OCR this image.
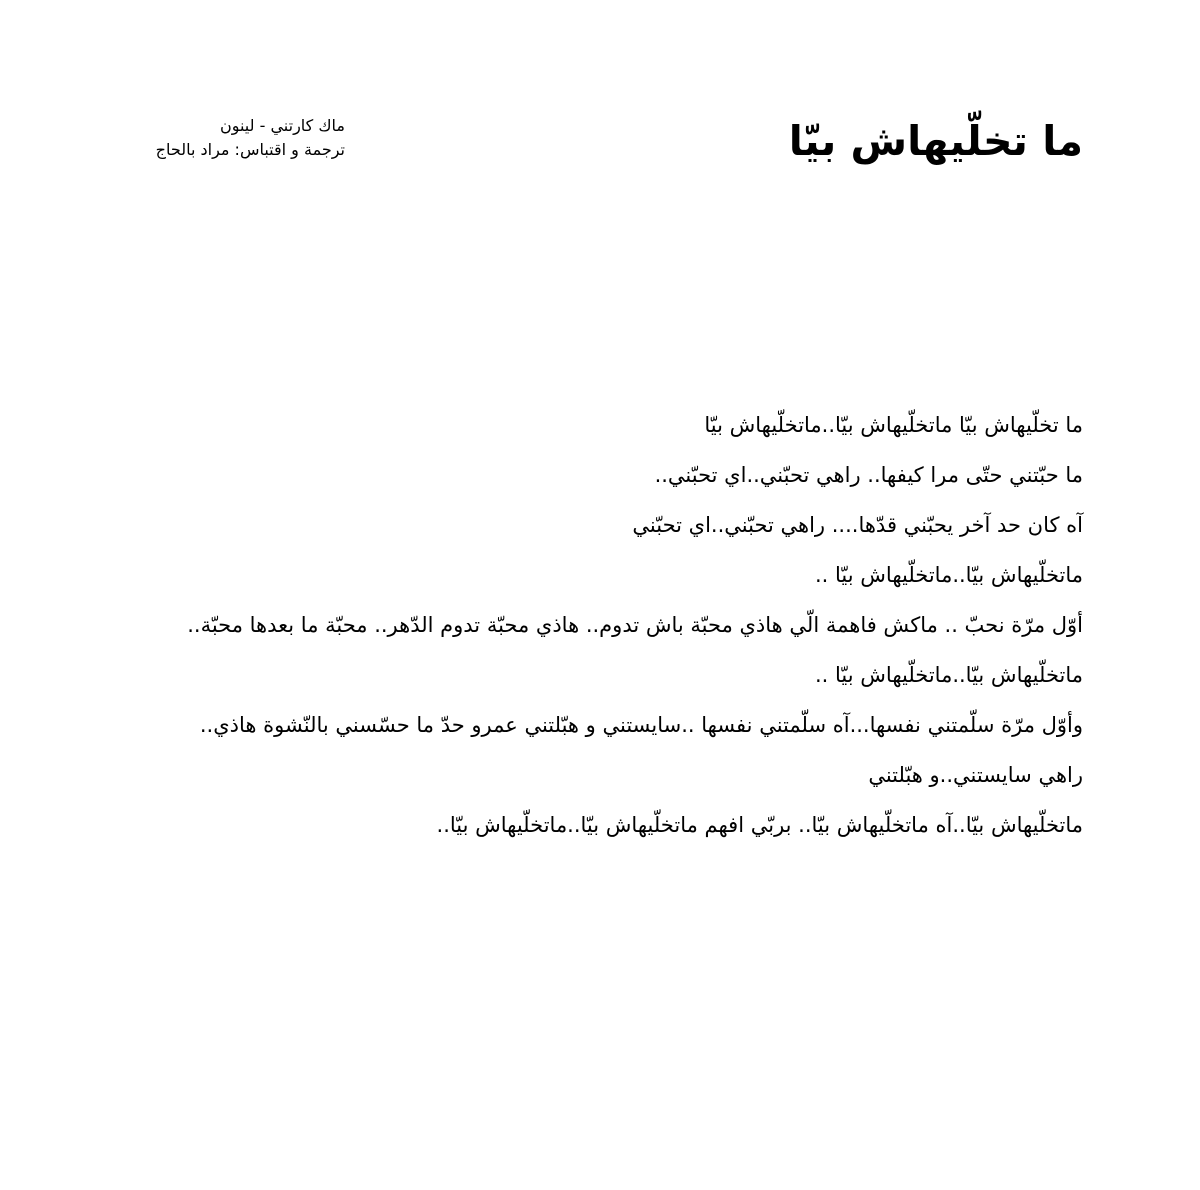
ما تخلّيهاش بيّا
ماك كارتني - لينون
ترجمة و اقتباس: مراد بالحاج
ما تخلّيهاش بيّا ماتخلّيهاش بيّا..ماتخلّيهاش بيّا
ما حبّتني حتّى مرا كيفها.. راهي تحبّني..اي تحبّني..
آه كان حد آخر يحبّني قدّها.... راهي تحبّني..اي تحبّني
ماتخلّيهاش بيّا..ماتخلّيهاش بيّا ..
أوّل مرّة نحبّ .. ماكش فاهمة الّي هاذي محبّة باش تدوم.. هاذي محبّة تدوم الدّهر.. محبّة ما بعدها محبّة..
ماتخلّيهاش بيّا..ماتخلّيهاش بيّا ..
وأوّل مرّة سلّمتني نفسها...آه سلّمتني نفسها ..سايستني و هبّلتني عمرو حدّ ما حسّسني بالنّشوة هاذي..
راهي سايستني..و هبّلتني
ماتخلّيهاش بيّا..آه ماتخلّيهاش بيّا.. بربّي افهم ماتخلّيهاش بيّا..ماتخلّيهاش بيّا..
